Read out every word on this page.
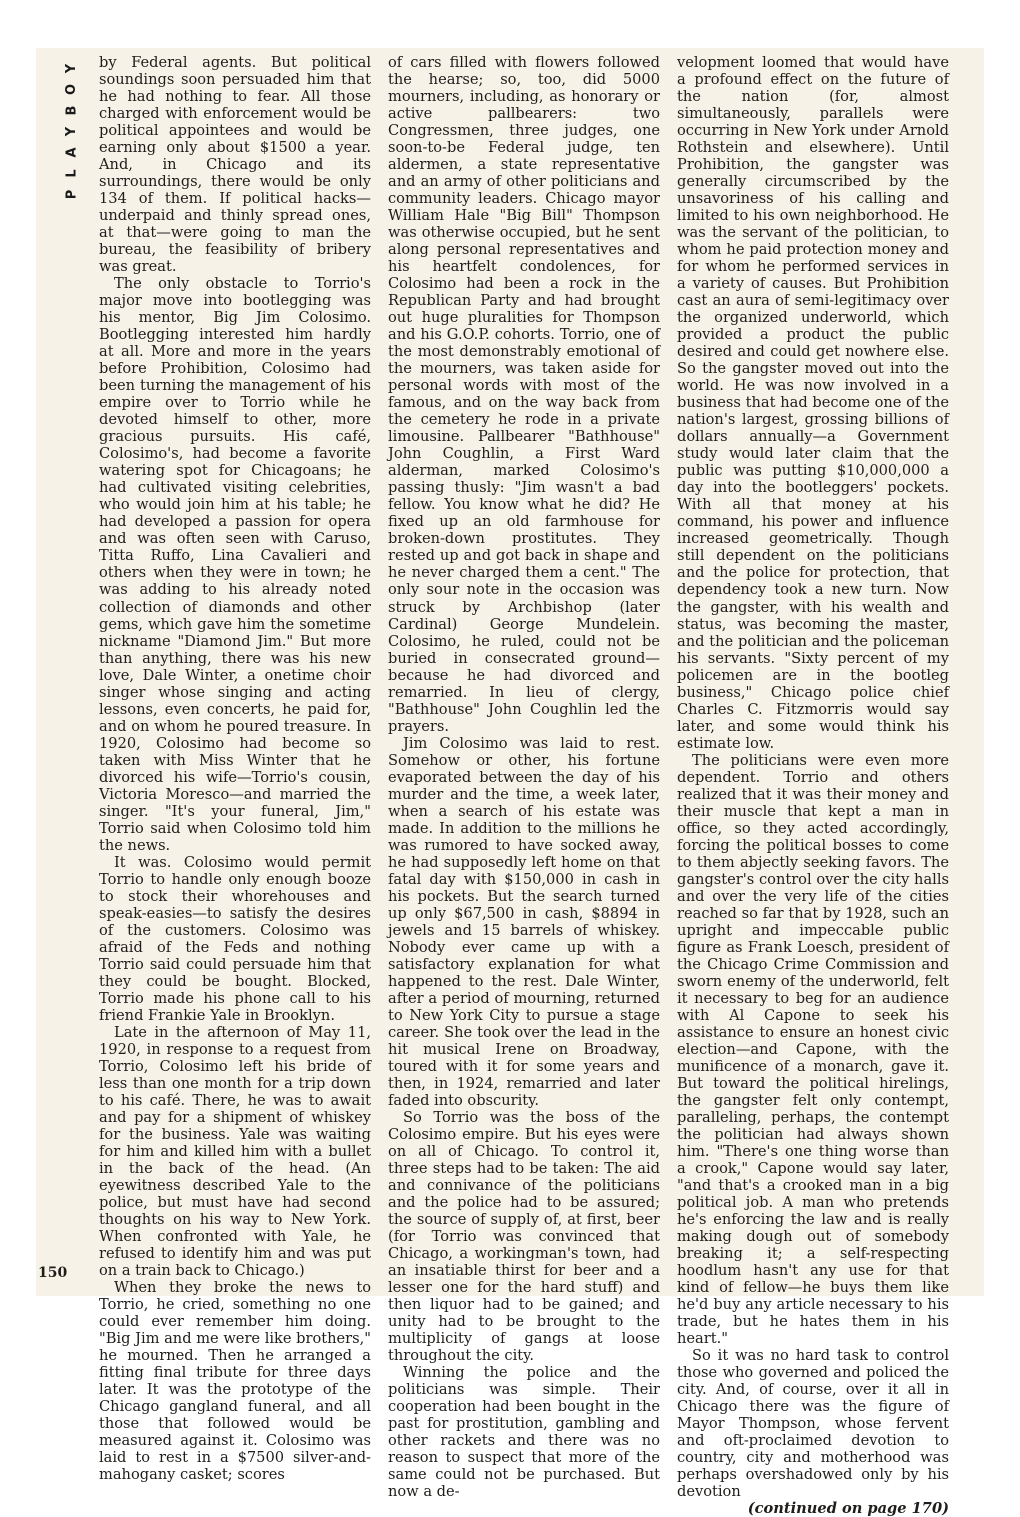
Y
O
B
Y
A
L
P

by Federal agents. But political soundings soon persuaded him that he had nothing to fear. All those charged with enforcement would be political appointees and would be earning only about $1500 a year. And, in Chicago and its surroundings, there would be only 134 of them. If political hacks—underpaid and thinly spread ones, at that—were going to man the bureau, the feasibility of bribery was great.

The only obstacle to Torrio's major move into bootlegging was his mentor, Big Jim Colosimo. Bootlegging interested him hardly at all. More and more in the years before Prohibition, Colosimo had been turning the management of his empire over to Torrio while he devoted himself to other, more gracious pursuits. His café, Colosimo's, had become a favorite watering spot for Chicagoans; he had cultivated visiting celebrities, who would join him at his table; he had developed a passion for opera and was often seen with Caruso, Titta Ruffo, Lina Cavalieri and others when they were in town; he was adding to his already noted collection of diamonds and other gems, which gave him the sometime nickname "Diamond Jim." But more than anything, there was his new love, Dale Winter, a onetime choir singer whose singing and acting lessons, even concerts, he paid for, and on whom he poured treasure. In 1920, Colosimo had become so taken with Miss Winter that he divorced his wife—Torrio's cousin, Victoria Moresco—and married the singer. "It's your funeral, Jim," Torrio said when Colosimo told him the news.

It was. Colosimo would permit Torrio to handle only enough booze to stock their whorehouses and speak-easies—to satisfy the desires of the customers. Colosimo was afraid of the Feds and nothing Torrio said could persuade him that they could be bought. Blocked, Torrio made his phone call to his friend Frankie Yale in Brooklyn.

Late in the afternoon of May 11, 1920, in response to a request from Torrio, Colosimo left his bride of less than one month for a trip down to his café. There, he was to await and pay for a shipment of whiskey for the business. Yale was waiting for him and killed him with a bullet in the back of the head. (An eyewitness described Yale to the police, but must have had second thoughts on his way to New York. When confronted with Yale, he refused to identify him and was put on a train back to Chicago.)

When they broke the news to Torrio, he cried, something no one could ever remember him doing. "Big Jim and me were like brothers," he mourned. Then he arranged a fitting final tribute for three days later. It was the prototype of the Chicago gangland funeral, and all those that followed would be measured against it. Colosimo was laid to rest in a $7500 silver-and-mahogany casket; scores

of cars filled with flowers followed the hearse; so, too, did 5000 mourners, including, as honorary or active pallbearers: two Congressmen, three judges, one soon-to-be Federal judge, ten aldermen, a state representative and an army of other politicians and community leaders. Chicago mayor William Hale "Big Bill" Thompson was otherwise occupied, but he sent along personal representatives and his heartfelt condolences, for Colosimo had been a rock in the Republican Party and had brought out huge pluralities for Thompson and his G.O.P. cohorts. Torrio, one of the most demonstrably emotional of the mourners, was taken aside for personal words with most of the famous, and on the way back from the cemetery he rode in a private limousine. Pallbearer "Bathhouse" John Coughlin, a First Ward alderman, marked Colosimo's passing thusly: "Jim wasn't a bad fellow. You know what he did? He fixed up an old farmhouse for broken-down prostitutes. They rested up and got back in shape and he never charged them a cent." The only sour note in the occasion was struck by Archbishop (later Cardinal) George Mundelein. Colosimo, he ruled, could not be buried in consecrated ground—because he had divorced and remarried. In lieu of clergy, "Bathhouse" John Coughlin led the prayers.

Jim Colosimo was laid to rest. Somehow or other, his fortune evaporated between the day of his murder and the time, a week later, when a search of his estate was made. In addition to the millions he was rumored to have socked away, he had supposedly left home on that fatal day with $150,000 in cash in his pockets. But the search turned up only $67,500 in cash, $8894 in jewels and 15 barrels of whiskey. Nobody ever came up with a satisfactory explanation for what happened to the rest. Dale Winter, after a period of mourning, returned to New York City to pursue a stage career. She took over the lead in the hit musical Irene on Broadway, toured with it for some years and then, in 1924, remarried and later faded into obscurity.

So Torrio was the boss of the Colosimo empire. But his eyes were on all of Chicago. To control it, three steps had to be taken: The aid and connivance of the politicians and the police had to be assured; the source of supply of, at first, beer (for Torrio was convinced that Chicago, a workingman's town, had an insatiable thirst for beer and a lesser one for the hard stuff) and then liquor had to be gained; and unity had to be brought to the multiplicity of gangs at loose throughout the city.

Winning the police and the politicians was simple. Their cooperation had been bought in the past for prostitution, gambling and other rackets and there was no reason to suspect that more of the same could not be purchased. But now a de-

velopment loomed that would have a profound effect on the future of the nation (for, almost simultaneously, parallels were occurring in New York under Arnold Rothstein and elsewhere). Until Prohibition, the gangster was generally circumscribed by the unsavoriness of his calling and limited to his own neighborhood. He was the servant of the politician, to whom he paid protection money and for whom he performed services in a variety of causes. But Prohibition cast an aura of semi-legitimacy over the organized underworld, which provided a product the public desired and could get nowhere else. So the gangster moved out into the world. He was now involved in a business that had become one of the nation's largest, grossing billions of dollars annually—a Government study would later claim that the public was putting $10,000,000 a day into the bootleggers' pockets. With all that money at his command, his power and influence increased geometrically. Though still dependent on the politicians and the police for protection, that dependency took a new turn. Now the gangster, with his wealth and status, was becoming the master, and the politician and the policeman his servants. "Sixty percent of my policemen are in the bootleg business," Chicago police chief Charles C. Fitzmorris would say later, and some would think his estimate low.

The politicians were even more dependent. Torrio and others realized that it was their money and their muscle that kept a man in office, so they acted accordingly, forcing the political bosses to come to them abjectly seeking favors. The gangster's control over the city halls and over the very life of the cities reached so far that by 1928, such an upright and impeccable public figure as Frank Loesch, president of the Chicago Crime Commission and sworn enemy of the underworld, felt it necessary to beg for an audience with Al Capone to seek his assistance to ensure an honest civic election—and Capone, with the munificence of a monarch, gave it. But toward the political hirelings, the gangster felt only contempt, paralleling, perhaps, the contempt the politician had always shown him. "There's one thing worse than a crook," Capone would say later, "and that's a crooked man in a big political job. A man who pretends he's enforcing the law and is really making dough out of somebody breaking it; a self-respecting hoodlum hasn't any use for that kind of fellow—he buys them like he'd buy any article necessary to his trade, but he hates them in his heart."

So it was no hard task to control those who governed and policed the city. And, of course, over it all in Chicago there was the figure of Mayor Thompson, whose fervent and oft-proclaimed devotion to country, city and motherhood was perhaps overshadowed only by his devotion

(continued on page 170)

150
